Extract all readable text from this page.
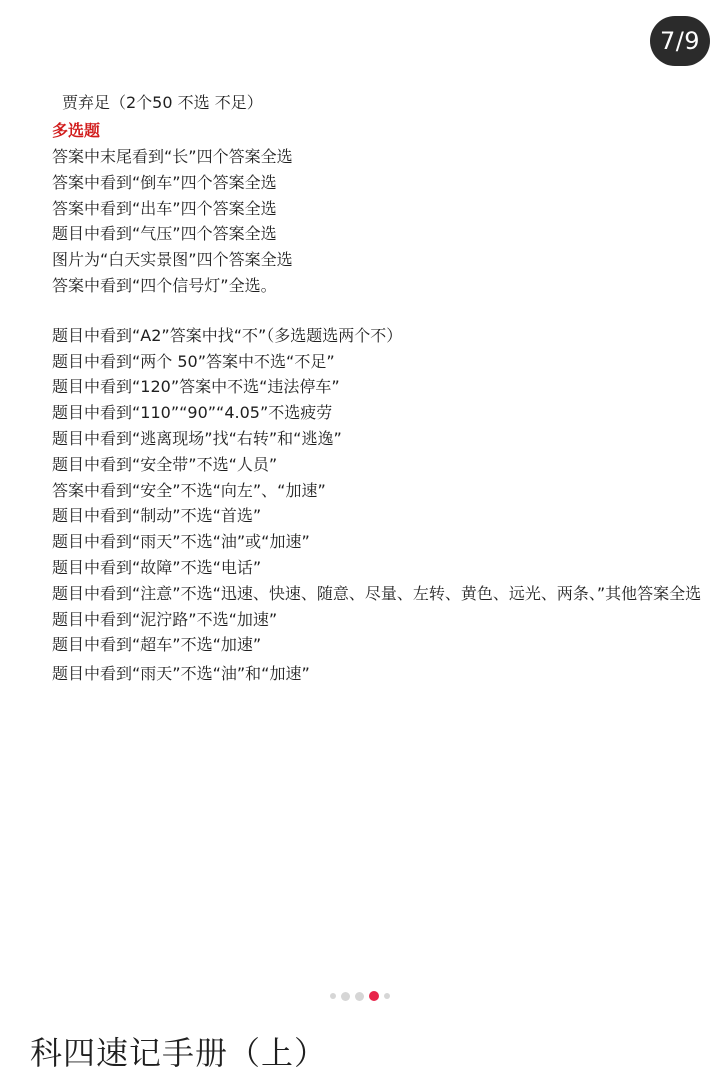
7/9
贾弃足（2个50 不选 不足）
多选题
答案中末尾看到“长”四个答案全选
答案中看到“倒车”四个答案全选
答案中看到“出车”四个答案全选
题目中看到“气压”四个答案全选
图片为“白天实景图”四个答案全选
答案中看到“四个信号灯”全选。
题目中看到“A2”答案中找“不”（多选题选两个不）
题目中看到“两个 50”答案中不选“不足”
题目中看到“120”答案中不选“违法停车”
题目中看到“110”“90”“4.05”不选疲劳
题目中看到“逃离现场”找“右转”和“逃逸”
题目中看到“安全带”不选“人员”
答案中看到“安全”不选“向左”、“加速”
题目中看到“制动”不选“首选”
题目中看到“雨天”不选“油”或“加速”
题目中看到“故障”不选“电话”
题目中看到“注意”不选“迅速、快速、随意、尽量、左转、黄色、远光、两条、”其他答案全选
题目中看到“泥泞路”不选“加速”
题目中看到“超车”不选“加速”
题目中看到“雨天”不选“油”和“加速”
科四速记手册（上）
